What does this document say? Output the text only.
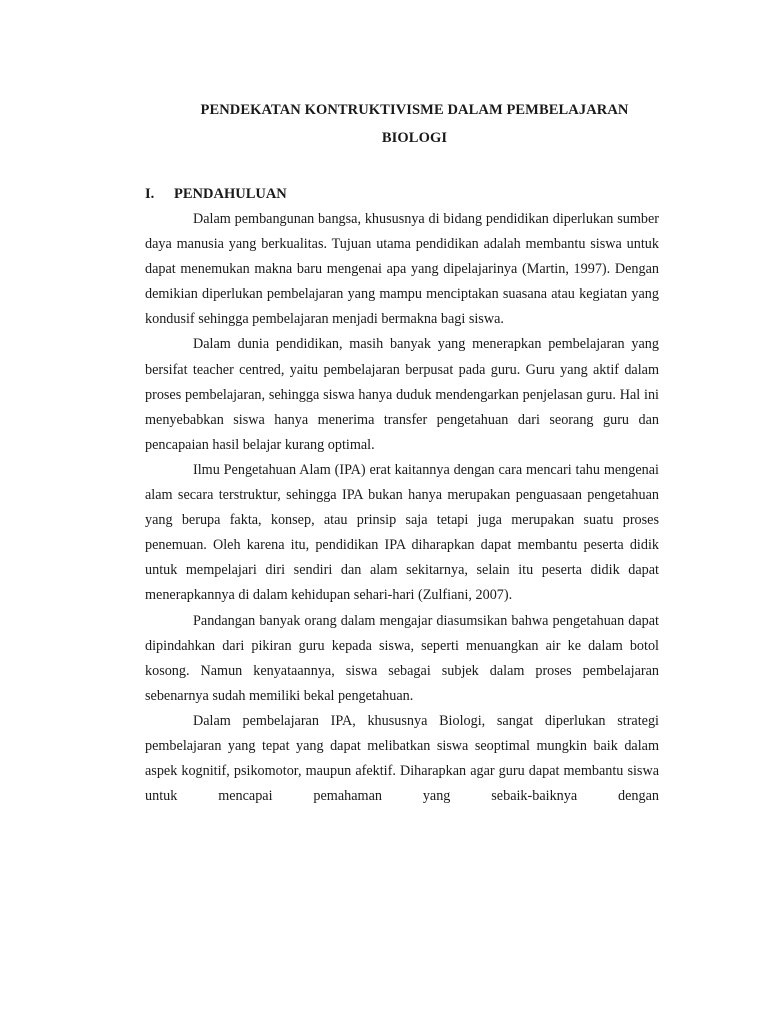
PENDEKATAN KONTRUKTIVISME DALAM PEMBELAJARAN
BIOLOGI
I.	PENDAHULUAN

Dalam pembangunan bangsa, khususnya di bidang pendidikan diperlukan sumber daya manusia yang berkualitas. Tujuan utama pendidikan adalah membantu siswa untuk dapat menemukan makna baru mengenai apa yang dipelajarinya (Martin, 1997). Dengan demikian diperlukan pembelajaran yang mampu menciptakan suasana atau kegiatan yang kondusif sehingga pembelajaran menjadi bermakna bagi siswa.

Dalam dunia pendidikan, masih banyak yang menerapkan pembelajaran yang bersifat teacher centred, yaitu pembelajaran berpusat pada guru. Guru yang aktif dalam proses pembelajaran, sehingga siswa hanya duduk mendengarkan penjelasan guru. Hal ini menyebabkan siswa hanya menerima transfer pengetahuan dari seorang guru dan pencapaian hasil belajar kurang optimal.

Ilmu Pengetahuan Alam (IPA) erat kaitannya dengan cara mencari tahu mengenai alam secara terstruktur, sehingga IPA bukan hanya merupakan penguasaan pengetahuan yang berupa fakta, konsep, atau prinsip saja tetapi juga merupakan suatu proses penemuan. Oleh karena itu, pendidikan IPA diharapkan dapat membantu peserta didik untuk mempelajari diri sendiri dan alam sekitarnya, selain itu peserta didik dapat menerapkannya di dalam kehidupan sehari-hari (Zulfiani, 2007).

Pandangan banyak orang dalam mengajar diasumsikan bahwa pengetahuan dapat dipindahkan dari pikiran guru kepada siswa, seperti menuangkan air ke dalam botol kosong. Namun kenyataannya, siswa sebagai subjek dalam proses pembelajaran sebenarnya sudah memiliki bekal pengetahuan.

Dalam pembelajaran IPA, khususnya Biologi, sangat diperlukan strategi pembelajaran yang tepat yang dapat melibatkan siswa seoptimal mungkin baik dalam aspek kognitif, psikomotor, maupun afektif. Diharapkan agar guru dapat membantu siswa untuk mencapai pemahaman yang sebaik-baiknya dengan
